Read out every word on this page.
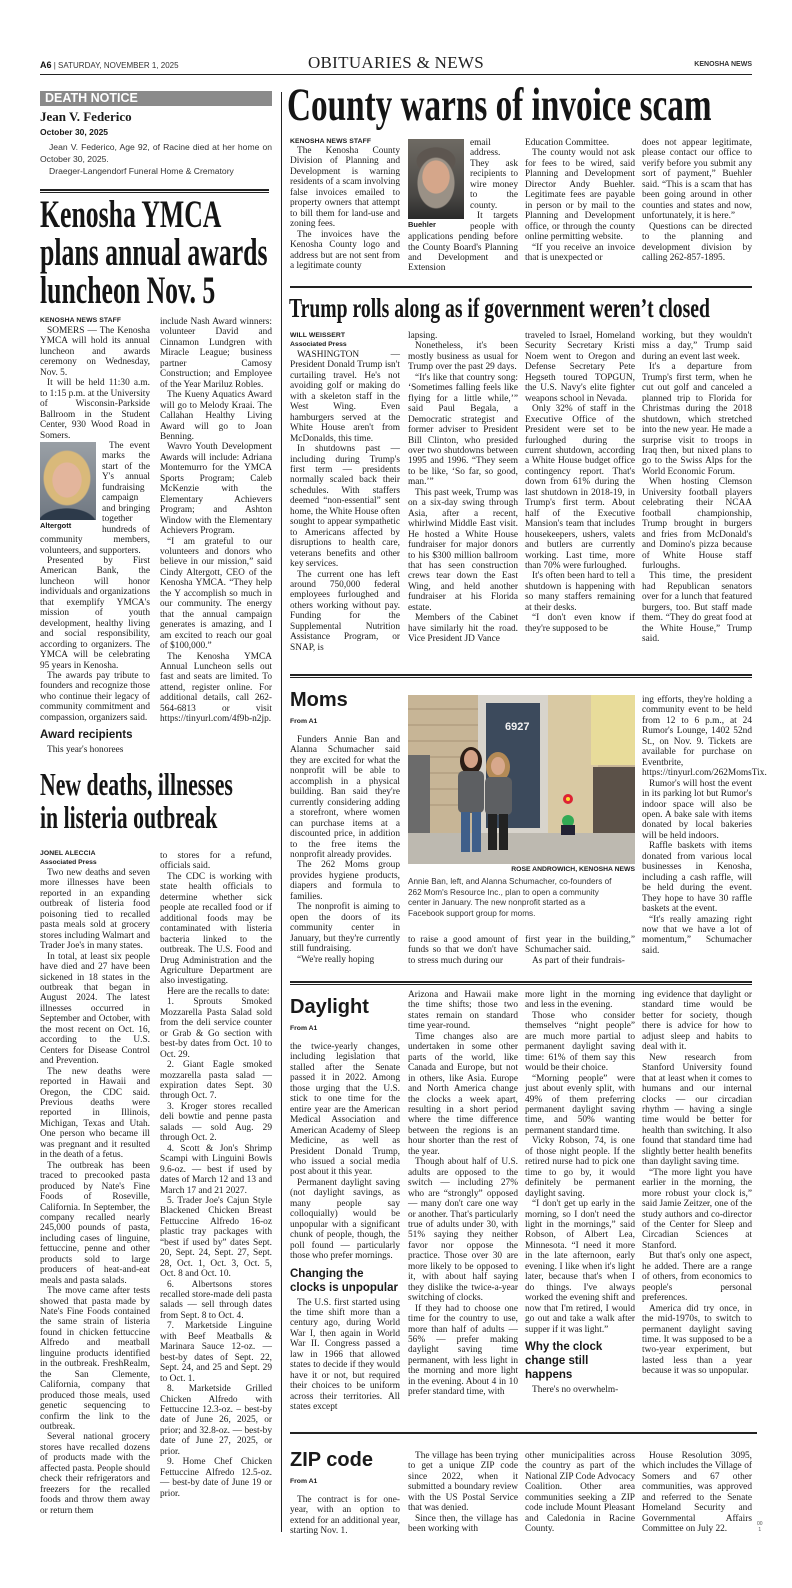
A6 | SATURDAY, NOVEMBER 1, 2025	OBITUARIES & NEWS	KENOSHA NEWS
DEATH NOTICE
Jean V. Federico
October 30, 2025

Jean V. Federico, Age 92, of Racine died at her home on October 30, 2025.

Draeger-Langendorf Funeral Home & Crematory

Kenosha YMCA
plans annual awards
luncheon Nov. 5
KENOSHA NEWS STAFF

SOMERS — The Kenosha YMCA will hold its annual luncheon and awards ceremony on Wednesday, Nov. 5.

It will be held 11:30 a.m. to 1:15 p.m. at the University of Wisconsin-Parkside Ballroom in the Student Center, 930 Wood Road in Somers.

Altergott

The event marks the start of the Y's annual fundraising campaign and bringing together hundreds of community members, volunteers, and supporters.

Presented by First American Bank, the luncheon will honor individuals and organizations that exemplify YMCA's mission of youth development, healthy living and social responsibility, according to organizers. The YMCA will be celebrating 95 years in Kenosha.

The awards pay tribute to founders and recognize those who continue their legacy of community commitment and compassion, organizers said.

Award recipients

This year's honorees

include Nash Award winners: volunteer David and Cinnamon Lundgren with Miracle League; business partner Camosy Construction; and Employee of the Year Mariluz Robles.

The Kueny Aquatics Award will go to Melody Kraai. The Callahan Healthy Living Award will go to Joan Benning.

Wavro Youth Development Awards will include: Adriana Montemurro for the YMCA Sports Program; Caleb McKenzie with the Elementary Achievers Program; and Ashton Window with the Elementary Achievers Program.

“I am grateful to our volunteers and donors who believe in our mission,” said Cindy Altergott, CEO of the Kenosha YMCA. “They help the Y accomplish so much in our community. The energy that the annual campaign generates is amazing, and I am excited to reach our goal of $100,000.”

The Kenosha YMCA Annual Luncheon sells out fast and seats are limited. To attend, register online. For additional details, call 262-564-6813 or visit https://tinyurl.com/4f9b-n2jp.

New deaths, illnesses
in listeria outbreak
JONEL ALECCIA
Associated Press

Two new deaths and seven more illnesses have been reported in an expanding outbreak of listeria food poisoning tied to recalled pasta meals sold at grocery stores including Walmart and Trader Joe's in many states.

In total, at least six people have died and 27 have been sickened in 18 states in the outbreak that began in August 2024. The latest illnesses occurred in September and October, with the most recent on Oct. 16, according to the U.S. Centers for Disease Control and Prevention.

The new deaths were reported in Hawaii and Oregon, the CDC said. Previous deaths were reported in Illinois, Michigan, Texas and Utah. One person who became ill was pregnant and it resulted in the death of a fetus.

The outbreak has been traced to precooked pasta produced by Nate's Fine Foods of Roseville, California. In September, the company recalled nearly 245,000 pounds of pasta, including cases of linguine, fettuccine, penne and other products sold to large producers of heat-and-eat meals and pasta salads.

The move came after tests showed that pasta made by Nate's Fine Foods contained the same strain of listeria found in chicken fettuccine Alfredo and meatball linguine products identified in the outbreak. FreshRealm, the San Clemente, California, company that produced those meals, used genetic sequencing to confirm the link to the outbreak.

Several national grocery stores have recalled dozens of products made with the affected pasta. People should check their refrigerators and freezers for the recalled foods and throw them away or return them

to stores for a refund, officials said.

The CDC is working with state health officials to determine whether sick people ate recalled food or if additional foods may be contaminated with listeria bacteria linked to the outbreak. The U.S. Food and Drug Administration and the Agriculture Department are also investigating.

Here are the recalls to date:

1. Sprouts Smoked Mozzarella Pasta Salad sold from the deli service counter or Grab & Go section with best-by dates from Oct. 10 to Oct. 29.

2. Giant Eagle smoked mozzarella pasta salad — expiration dates Sept. 30 through Oct. 7.

3. Kroger stores recalled deli bowtie and penne pasta salads — sold Aug. 29 through Oct. 2.

4. Scott & Jon's Shrimp Scampi with Linguini Bowls 9.6-oz. — best if used by dates of March 12 and 13 and March 17 and 21 2027.

5. Trader Joe's Cajun Style Blackened Chicken Breast Fettuccine Alfredo 16-oz plastic tray packages with “best if used by” dates Sept. 20, Sept. 24, Sept. 27, Sept. 28, Oct. 1, Oct. 3, Oct. 5, Oct. 8 and Oct. 10.

6. Albertsons stores recalled store-made deli pasta salads — sell through dates from Sept. 8 to Oct. 4.

7. Marketside Linguine with Beef Meatballs & Marinara Sauce 12-oz. — best-by dates of Sept. 22, Sept. 24, and 25 and Sept. 29 to Oct. 1.

8. Marketside Grilled Chicken Alfredo with Fettuccine 12.3-oz. – best-by date of June 26, 2025, or prior; and 32.8-oz. — best-by date of June 27, 2025, or prior.

9. Home Chef Chicken Fettuccine Alfredo 12.5-oz. — best-by date of June 19 or prior.

County warns of invoice scam
KENOSHA NEWS STAFF

The Kenosha County Division of Planning and Development is warning residents of a scam involving false invoices emailed to property owners that attempt to bill them for land-use and zoning fees.

The invoices have the Kenosha County logo and address but are not sent from a legitimate county

Buehler

email address. They ask recipients to wire money to the county.

It targets people with applications pending before the County Board's Planning and Development and Extension

Education Committee.

The county would not ask for fees to be wired, said Planning and Development Director Andy Buehler. Legitimate fees are payable in person or by mail to the Planning and Development office, or through the county online permitting website.

“If you receive an invoice that is unexpected or

does not appear legitimate, please contact our office to verify before you submit any sort of payment,” Buehler said. “This is a scam that has been going around in other counties and states and now, unfortunately, it is here.”

Questions can be directed to the planning and development division by calling 262-857-1895.

Trump rolls along as if government weren’t closed
WILL WEISSERT
Associated Press

WASHINGTON — President Donald Trump isn't curtailing travel. He's not avoiding golf or making do with a skeleton staff in the West Wing. Even hamburgers served at the White House aren't from McDonalds, this time.

In shutdowns past — including during Trump's first term — presidents normally scaled back their schedules. With staffers deemed “non-essential” sent home, the White House often sought to appear sympathetic to Americans affected by disruptions to health care, veterans benefits and other key services.

The current one has left around 750,000 federal employees furloughed and others working without pay. Funding for the Supplemental Nutrition Assistance Program, or SNAP, is

lapsing.

Nonetheless, it's been mostly business as usual for Trump over the past 29 days.

“It's like that country song: ‘Sometimes falling feels like flying for a little while,’” said Paul Begala, a Democratic strategist and former adviser to President Bill Clinton, who presided over two shutdowns between 1995 and 1996. “They seem to be like, ‘So far, so good, man.’”

This past week, Trump was on a six-day swing through Asia, after a recent, whirlwind Middle East visit. He hosted a White House fundraiser for major donors to his $300 million ballroom that has seen construction crews tear down the East Wing, and held another fundraiser at his Florida estate.

Members of the Cabinet have similarly hit the road. Vice President JD Vance

traveled to Israel, Homeland Security Secretary Kristi Noem went to Oregon and Defense Secretary Pete Hegseth toured TOPGUN, the U.S. Navy's elite fighter weapons school in Nevada.

Only 32% of staff in the Executive Office of the President were set to be furloughed during the current shutdown, according a White House budget office contingency report. That's down from 61% during the last shutdown in 2018-19, in Trump's first term. About half of the Executive Mansion's team that includes housekeepers, ushers, valets and butlers are currently working. Last time, more than 70% were furloughed.

It's often been hard to tell a shutdown is happening with so many staffers remaining at their desks.

“I don't even know if they're supposed to be

working, but they wouldn't miss a day,” Trump said during an event last week.

It's a departure from Trump's first term, when he cut out golf and canceled a planned trip to Florida for Christmas during the 2018 shutdown, which stretched into the new year. He made a surprise visit to troops in Iraq then, but nixed plans to go to the Swiss Alps for the World Economic Forum.

When hosting Clemson University football players celebrating their NCAA football championship, Trump brought in burgers and fries from McDonald's and Domino's pizza because of White House staff furloughs.

This time, the president had Republican senators over for a lunch that featured burgers, too. But staff made them. “They do great food at the White House,” Trump said.

Moms
From A1

Funders Annie Ban and Alanna Schumacher said they are excited for what the nonprofit will be able to accomplish in a physical building. Ban said they're currently considering adding a storefront, where women can purchase items at a discounted price, in addition to the free items the nonprofit already provides.

The 262 Moms group provides hygiene products, diapers and formula to families.

The nonprofit is aiming to open the doors of its community center in January, but they're currently still fundraising.

“We're really hoping

to raise a good amount of funds so that we don't have to stress much during our

first year in the building,” Schumacher said.

As part of their fundrais-

ing efforts, they're holding a community event to be held from 12 to 6 p.m., at 24 Rumor's Lounge, 1402 52nd St., on Nov. 9. Tickets are available for purchase on Eventbrite, https://tinyurl.com/262MomsTix.

Rumor's will host the event in its parking lot but Rumor's indoor space will also be open. A bake sale with items donated by local bakeries will be held indoors.

Raffle baskets with items donated from various local businesses in Kenosha, including a cash raffle, will be held during the event. They hope to have 30 raffle baskets at the event.

“It's really amazing right now that we have a lot of momentum,” Schumacher said.

6927
ROSE ANDROWICH, KENOSHA NEWS
Annie Ban, left, and Alanna Schumacher, co-founders of 262 Mom's Resource Inc., plan to open a community center in January. The new nonprofit started as a Facebook support group for moms.
Daylight
From A1

the twice-yearly changes, including legislation that stalled after the Senate passed it in 2022. Among those urging that the U.S. stick to one time for the entire year are the American Medical Association and American Academy of Sleep Medicine, as well as President Donald Trump, who issued a social media post about it this year.

Permanent daylight saving (not daylight savings, as many people say colloquially) would be unpopular with a significant chunk of people, though, the poll found — particularly those who prefer mornings.

Changing the clocks is unpopular

The U.S. first started using the time shift more than a century ago, during World War I, then again in World War II. Congress passed a law in 1966 that allowed states to decide if they would have it or not, but required their choices to be uniform across their territories. All states except

Arizona and Hawaii make the time shifts; those two states remain on standard time year-round.

Time changes also are undertaken in some other parts of the world, like Canada and Europe, but not in others, like Asia. Europe and North America change the clocks a week apart, resulting in a short period where the time difference between the regions is an hour shorter than the rest of the year.

Though about half of U.S. adults are opposed to the switch — including 27% who are “strongly” opposed — many don't care one way or another. That's particularly true of adults under 30, with 51% saying they neither favor nor oppose the practice. Those over 30 are more likely to be opposed to it, with about half saying they dislike the twice-a-year switching of clocks.

If they had to choose one time for the country to use, more than half of adults — 56% — prefer making daylight saving time permanent, with less light in the morning and more light in the evening. About 4 in 10 prefer standard time, with

more light in the morning and less in the evening.

Those who consider themselves “night people” are much more partial to permanent daylight saving time: 61% of them say this would be their choice.

“Morning people” were just about evenly split, with 49% of them preferring permanent daylight saving time, and 50% wanting permanent standard time.

Vicky Robson, 74, is one of those night people. If the retired nurse had to pick one time to go by, it would definitely be permanent daylight saving.

“I don't get up early in the morning, so I don't need the light in the mornings,” said Robson, of Albert Lea, Minnesota. “I need it more in the late afternoon, early evening. I like when it's light later, because that's when I do things. I've always worked the evening shift and now that I'm retired, I would go out and take a walk after supper if it was light.”

Why the clock change still happens

There's no overwhelm-

ing evidence that daylight or standard time would be better for society, though there is advice for how to adjust sleep and habits to deal with it.

New research from Stanford University found that at least when it comes to humans and our internal clocks — our circadian rhythm — having a single time would be better for health than switching. It also found that standard time had slightly better health benefits than daylight saving time.

“The more light you have earlier in the morning, the more robust your clock is,” said Jamie Zeitzer, one of the study authors and co-director of the Center for Sleep and Circadian Sciences at Stanford.

But that's only one aspect, he added. There are a range of others, from economics to people's personal preferences.

America did try once, in the mid-1970s, to switch to permanent daylight saving time. It was supposed to be a two-year experiment, but lasted less than a year because it was so unpopular.

ZIP code
From A1

The contract is for one-year, with an option to extend for an additional year, starting Nov. 1.

The village has been trying to get a unique ZIP code since 2022, when it submitted a boundary review with the US Postal Service that was denied.

Since then, the village has been working with

other municipalities across the country as part of the National ZIP Code Advocacy Coalition. Other area communities seeking a ZIP code include Mount Pleasant and Caledonia in Racine County.

House Resolution 3095, which includes the Village of Somers and 67 other communities, was approved and referred to the Senate Homeland Security and Governmental Affairs Committee on July 22.

00
1
